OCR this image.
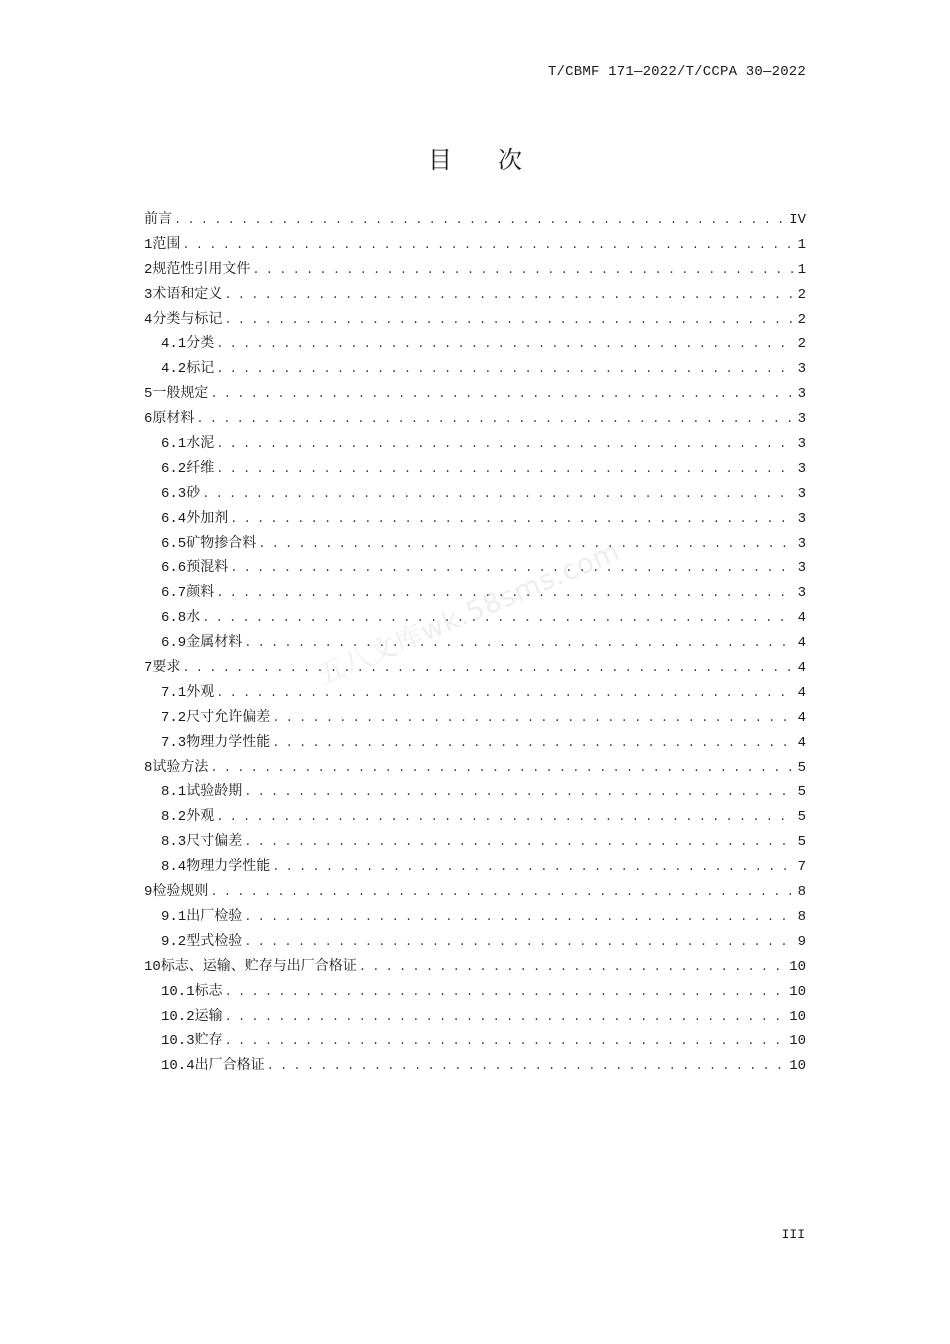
T/CBMF 171—2022/T/CCPA 30—2022
目次
前言 . . .	IV
1 范围 . . .	1
2 规范性引用文件 . . .	1
3 术语和定义 . . .	2
4 分类与标记 . . .	2
4.1 分类 . . .	2
4.2 标记 . . .	3
5 一般规定 . . .	3
6 原材料 . . .	3
6.1 水泥 . . .	3
6.2 纤维 . . .	3
6.3 砂 . . .	3
6.4 外加剂 . . .	3
6.5 矿物掺合料 . . .	3
6.6 预混料 . . .	3
6.7 颜料 . . .	3
6.8 水 . . .	4
6.9 金属材料 . . .	4
7 要求 . . .	4
7.1 外观 . . .	4
7.2 尺寸允许偏差 . . .	4
7.3 物理力学性能 . . .	4
8 试验方法 . . .	5
8.1 试验龄期 . . .	5
8.2 外观 . . .	5
8.3 尺寸偏差 . . .	5
8.4 物理力学性能 . . .	7
9 检验规则 . . .	8
9.1 出厂检验 . . .	8
9.2 型式检验 . . .	9
10 标志、运输、贮存与出厂合格证 . . .	10
10.1 标志 . . .	10
10.2 运输 . . .	10
10.3 贮存 . . .	10
10.4 出厂合格证 . . .	10
五八文库wk.58sms.com
III
